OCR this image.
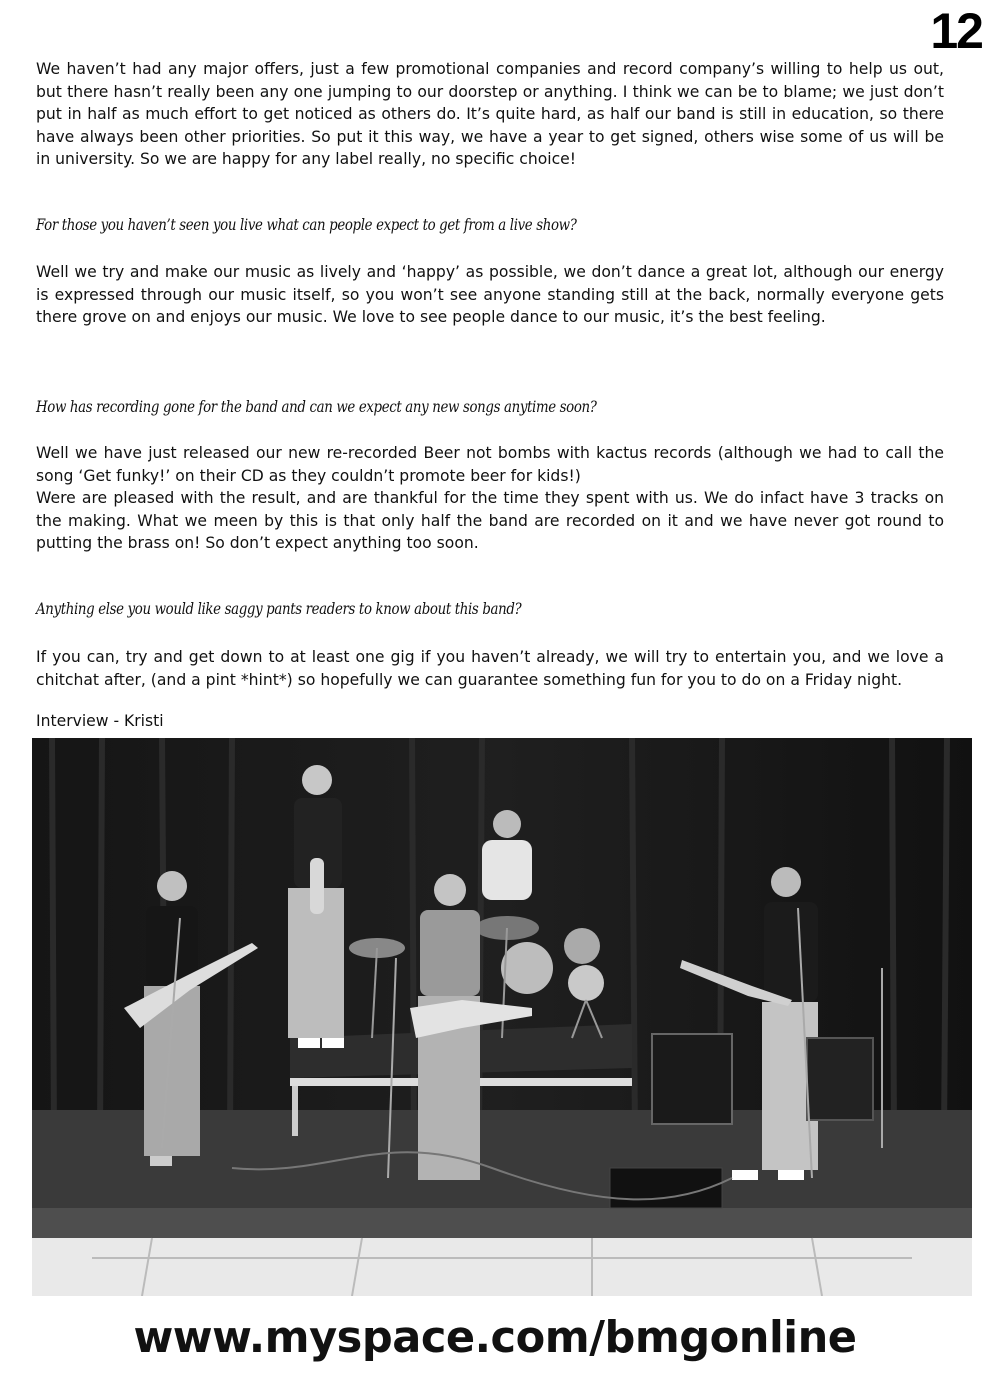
12

We haven’t had any major offers, just a few promotional companies and record company’s willing to help us out, but there hasn’t really been any one jumping to our doorstep or anything. I think we can be to blame; we just don’t put in half as much effort to get noticed as others do. It’s quite hard, as half our band is still in education, so there have always been other priorities. So put it this way, we have a year to get signed, others wise some of us will be in university. So we are happy for any label really, no specific choice!

For those you haven’t seen you live what can people expect to get from a live show?

Well we try and make our music as lively and ‘happy’ as possible, we don’t dance a great lot, although our energy is expressed through our music itself, so you won’t see anyone standing still at the back, normally everyone gets there grove on and enjoys our music. We love to see people dance to our music, it’s the best feeling.

How has recording gone for the band and can we expect any new songs anytime soon?

Well we have just released our new re-recorded Beer not bombs with kactus records (although we had to call the song ‘Get funky!’ on their CD as they couldn’t promote beer for kids!)
Were are pleased with the result, and are thankful for the time they spent with us. We do infact have 3 tracks on the making. What we meen by this is that only half the band are recorded on it and we have never got round to putting the brass on! So don’t expect anything too soon.

Anything else you would like saggy pants readers to know about this band?

If you can, try and get down to at least one gig if you haven’t already, we will try to entertain you, and we love a chitchat after, (and a pint *hint*) so hopefully we can guarantee something fun for you to do on a Friday night.

Interview - Kristi
www.myspace.com/bmgonline
